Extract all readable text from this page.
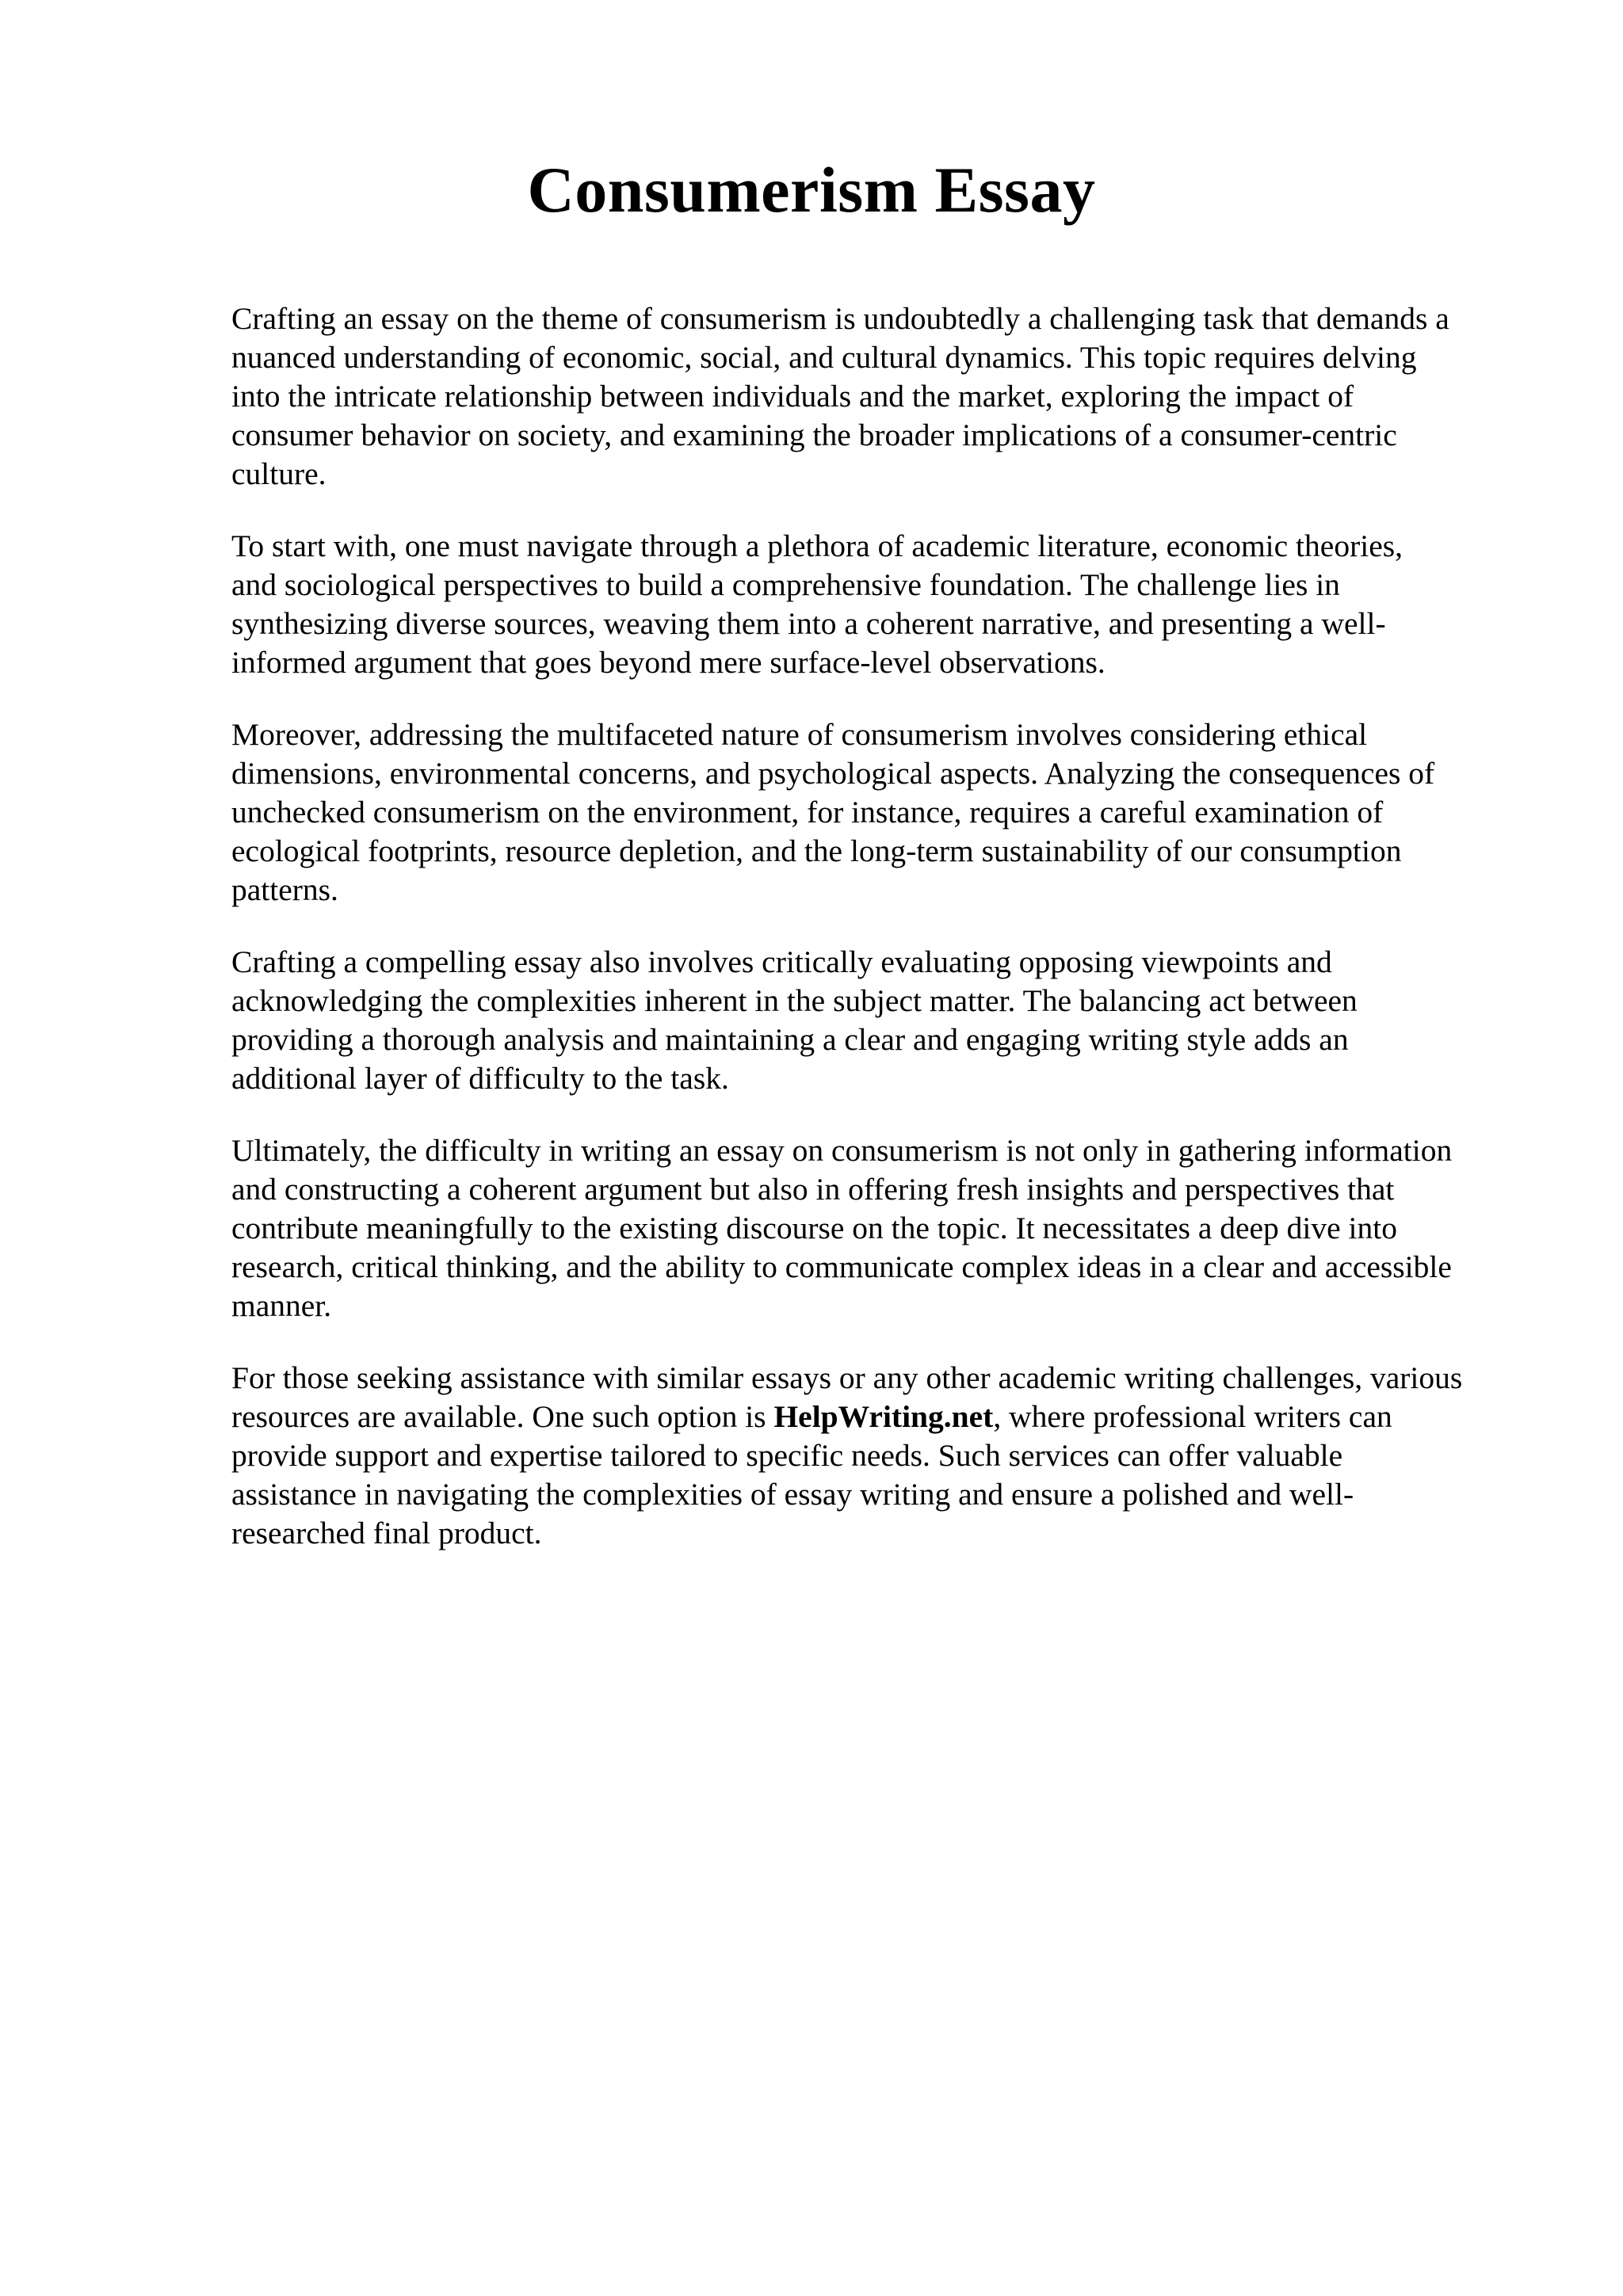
Consumerism Essay

Crafting an essay on the theme of consumerism is undoubtedly a challenging task that demands a
nuanced understanding of economic, social, and cultural dynamics. This topic requires delving
into the intricate relationship between individuals and the market, exploring the impact of
consumer behavior on society, and examining the broader implications of a consumer-centric
culture.

To start with, one must navigate through a plethora of academic literature, economic theories,
and sociological perspectives to build a comprehensive foundation. The challenge lies in
synthesizing diverse sources, weaving them into a coherent narrative, and presenting a well-
informed argument that goes beyond mere surface-level observations.

Moreover, addressing the multifaceted nature of consumerism involves considering ethical
dimensions, environmental concerns, and psychological aspects. Analyzing the consequences of
unchecked consumerism on the environment, for instance, requires a careful examination of
ecological footprints, resource depletion, and the long-term sustainability of our consumption
patterns.

Crafting a compelling essay also involves critically evaluating opposing viewpoints and
acknowledging the complexities inherent in the subject matter. The balancing act between
providing a thorough analysis and maintaining a clear and engaging writing style adds an
additional layer of difficulty to the task.

Ultimately, the difficulty in writing an essay on consumerism is not only in gathering information
and constructing a coherent argument but also in offering fresh insights and perspectives that
contribute meaningfully to the existing discourse on the topic. It necessitates a deep dive into
research, critical thinking, and the ability to communicate complex ideas in a clear and accessible
manner.

For those seeking assistance with similar essays or any other academic writing challenges, various
resources are available. One such option is HelpWriting.net, where professional writers can
provide support and expertise tailored to specific needs. Such services can offer valuable
assistance in navigating the complexities of essay writing and ensure a polished and well-
researched final product.
